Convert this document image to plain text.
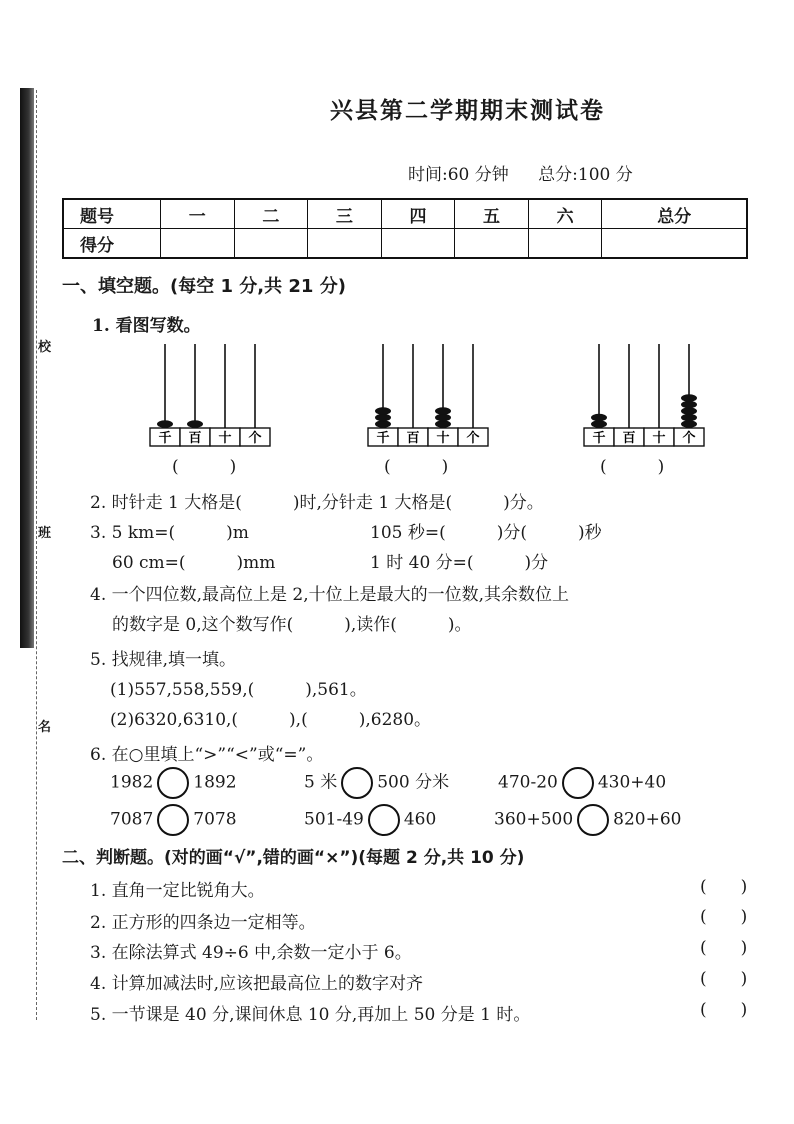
校
班
名
兴县第二学期期末测试卷
时间:60 分钟 总分:100 分
题号	一	二	三	四	五	六	总分
得分							
一、填空题。(每空 1 分,共 21 分)
1. 看图写数。
千 百 十 个	千 百 十 个	千 百 十 个
(　　　)	(　　　)	(　　　)
2. 时针走 1 大格是(　　　)时,分针走 1 大格是(　　　)分。
3. 5 km=(　　　)m	105 秒=(　　　)分(　　　)秒
60 cm=(　　　)mm	1 时 40 分=(　　　)分
4. 一个四位数,最高位上是 2,十位上是最大的一位数,其余数位上
的数字是 0,这个数写作(　　　),读作(　　　)。
5. 找规律,填一填。
(1)557,558,559,(　　　),561。
(2)6320,6310,(　　　),(　　　),6280。
6. 在○里填上“>”“<”或“=”。
1982 1892	5 米 500 分米	470-20 430+40
7087 7078	501-49 460	360+500 820+60
二、判断题。(对的画“√”,错的画“×”)(每题 2 分,共 10 分)
1. 直角一定比锐角大。	(　　)
2. 正方形的四条边一定相等。	(　　)
3. 在除法算式 49÷6 中,余数一定小于 6。	(　　)
4. 计算加减法时,应该把最高位上的数字对齐	(　　)
5. 一节课是 40 分,课间休息 10 分,再加上 50 分是 1 时。	(　　)
